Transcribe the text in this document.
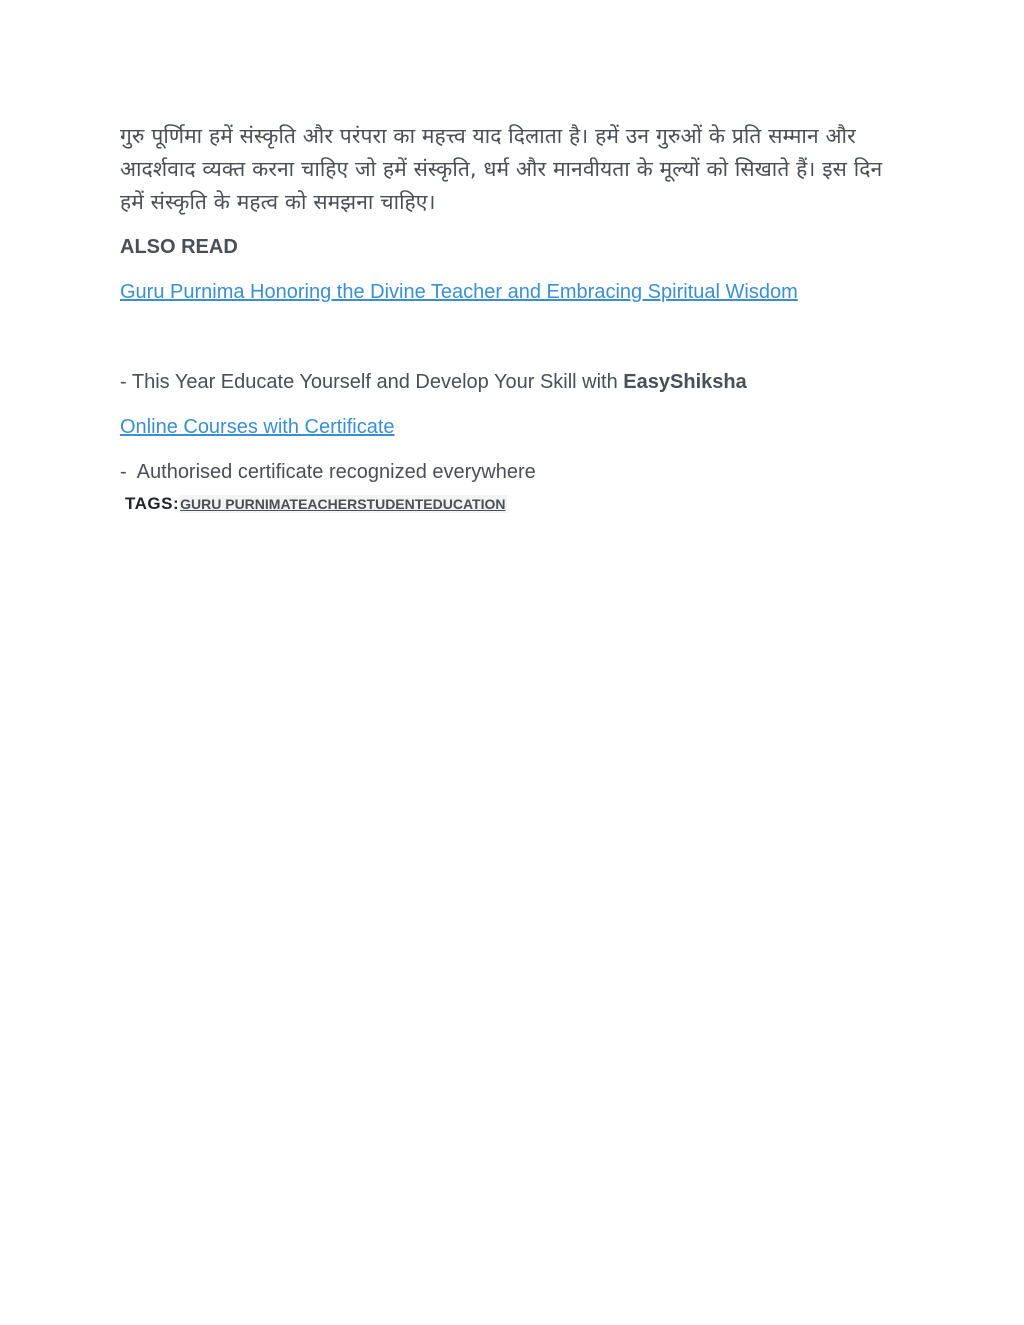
गुरु पूर्णिमा हमें संस्कृति और परंपरा का महत्त्व याद दिलाता है। हमें उन गुरुओं के प्रति सम्मान और आदर्शवाद व्यक्त करना चाहिए जो हमें संस्कृति, धर्म और मानवीयता के मूल्यों को सिखाते हैं। इस दिन हमें संस्कृति के महत्व को समझना चाहिए।

ALSO READ
Guru Purnima Honoring the Divine Teacher and Embracing Spiritual Wisdom
- This Year Educate Yourself and Develop Your Skill with EasyShiksha
Online Courses with Certificate
-  Authorised certificate recognized everywhere
TAGS: GURU PURNIMATEACHERSTUDENTEDUCATION
